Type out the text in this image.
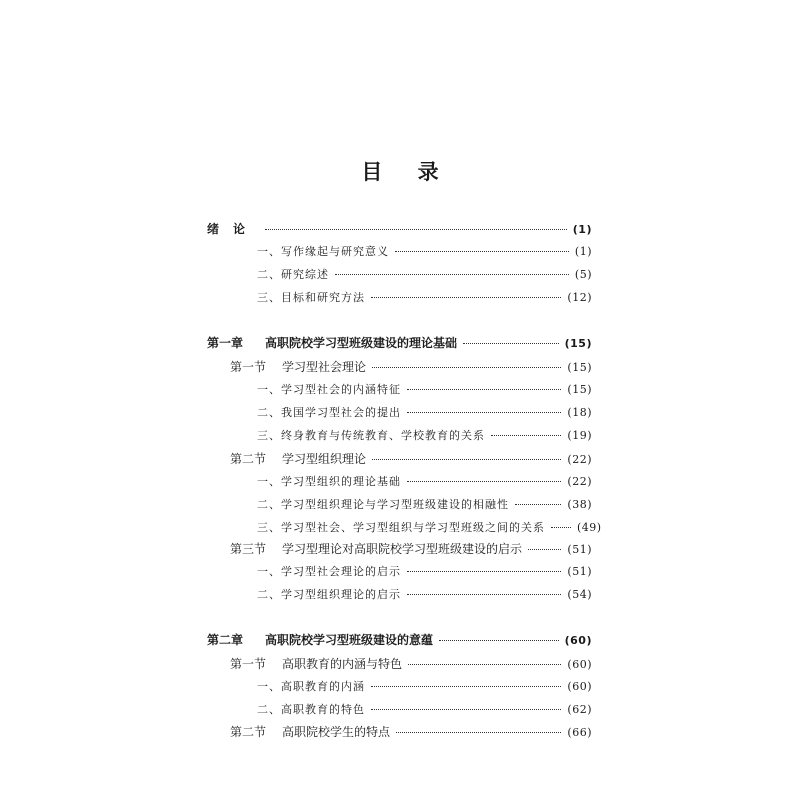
目 录
绪论	(1)
一、写作缘起与研究意义	(1)
二、研究综述	(5)
三、目标和研究方法	(12)
第一章 高职院校学习型班级建设的理论基础	(15)
第一节 学习型社会理论	(15)
一、学习型社会的内涵特征	(15)
二、我国学习型社会的提出	(18)
三、终身教育与传统教育、学校教育的关系	(19)
第二节 学习型组织理论	(22)
一、学习型组织的理论基础	(22)
二、学习型组织理论与学习型班级建设的相融性	(38)
三、学习型社会、学习型组织与学习型班级之间的关系	(49)
第三节 学习型理论对高职院校学习型班级建设的启示	(51)
一、学习型社会理论的启示	(51)
二、学习型组织理论的启示	(54)
第二章 高职院校学习型班级建设的意蕴	(60)
第一节 高职教育的内涵与特色	(60)
一、高职教育的内涵	(60)
二、高职教育的特色	(62)
第二节 高职院校学生的特点	(66)
